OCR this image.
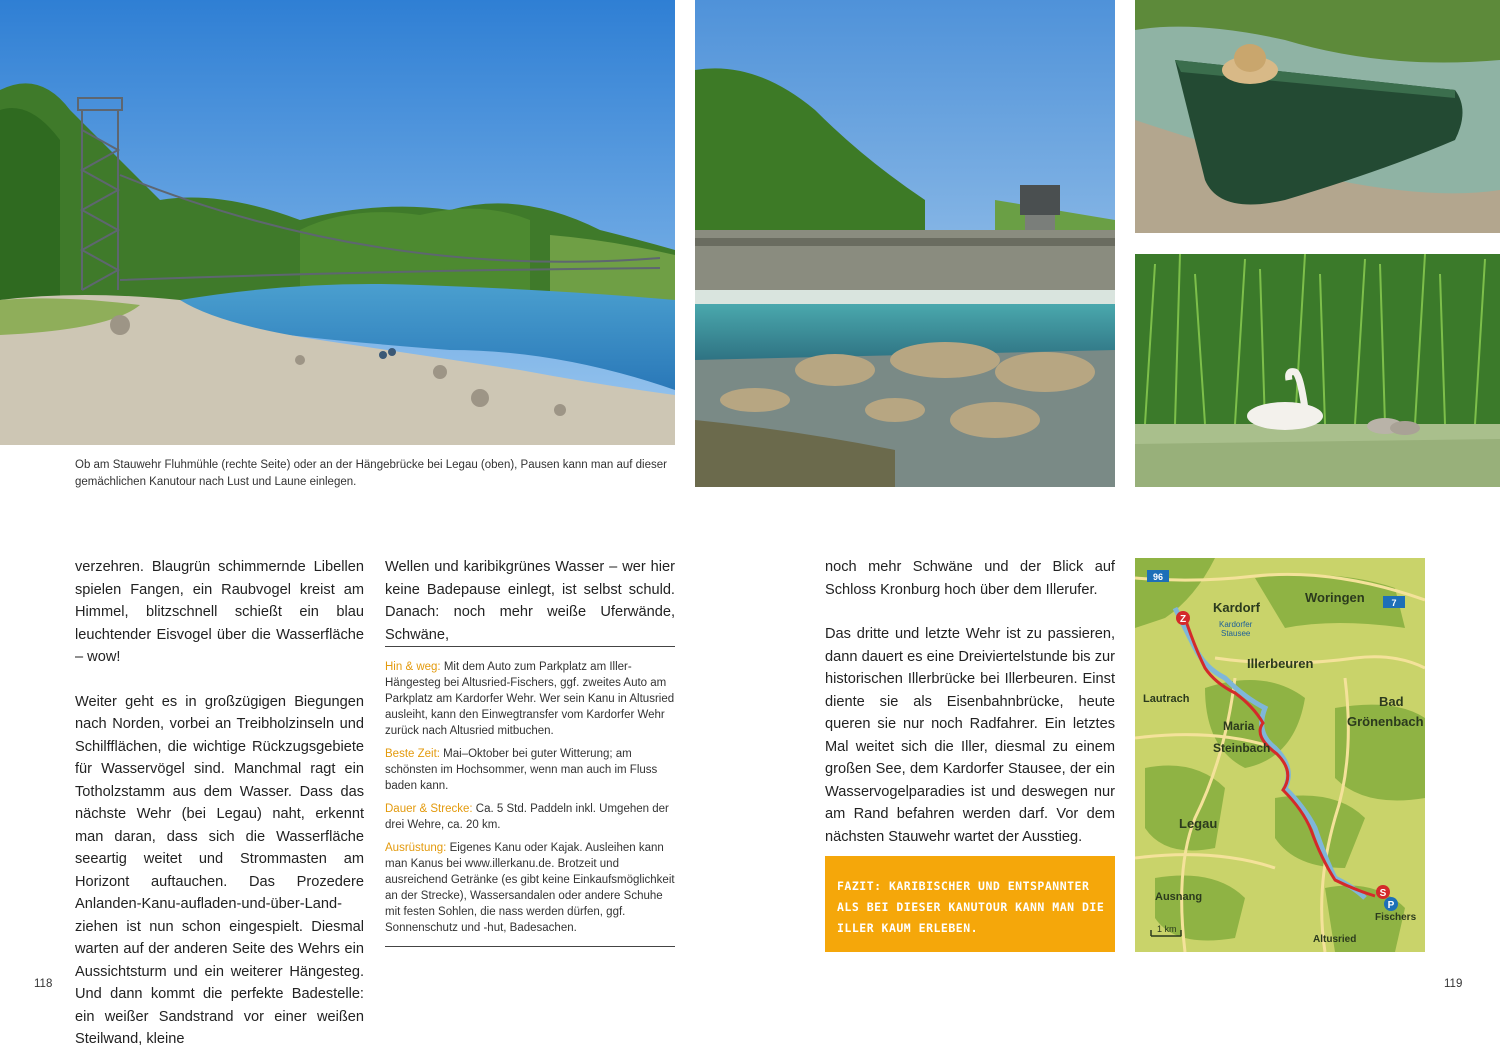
Ob am Stauwehr Fluhmühle (rechte Seite) oder an der Hängebrücke bei Legau (oben), Pausen kann man auf dieser gemächlichen Kanutour nach Lust und Laune einlegen.

verzehren. Blaugrün schimmernde Libellen spielen Fangen, ein Raubvogel kreist am Himmel, blitzschnell schießt ein blau leuchtender Eisvogel über die Wasserfläche – wow!

Weiter geht es in großzügigen Biegungen nach Norden, vorbei an Treibholzinseln und Schilfflächen, die wichtige Rückzugsgebiete für Wasservögel sind. Manchmal ragt ein Totholzstamm aus dem Wasser. Dass das nächste Wehr (bei Legau) naht, erkennt man daran, dass sich die Wasserfläche seeartig weitet und Strommasten am Horizont auftauchen. Das Prozedere Anlanden-Kanu-aufladen-und-über-Land-ziehen ist nun schon eingespielt. Diesmal warten auf der anderen Seite des Wehrs ein Aussichtsturm und ein weiterer Hängesteg. Und dann kommt die perfekte Badestelle: ein weißer Sandstrand vor einer weißen Steilwand, kleine

Wellen und karibikgrünes Wasser – wer hier keine Badepause einlegt, ist selbst schuld. Danach: noch mehr weiße Uferwände, Schwäne,

Hin & weg: Mit dem Auto zum Parkplatz am Iller-Hängesteg bei Altusried-Fischers, ggf. zweites Auto am Parkplatz am Kardorfer Wehr. Wer sein Kanu in Altusried ausleiht, kann den Einwegtransfer vom Kardorfer Wehr zurück nach Altusried mitbuchen.
Beste Zeit: Mai–Oktober bei guter Witterung; am schönsten im Hochsommer, wenn man auch im Fluss baden kann.
Dauer & Strecke: Ca. 5 Std. Paddeln inkl. Umgehen der drei Wehre, ca. 20 km.
Ausrüstung: Eigenes Kanu oder Kajak. Ausleihen kann man Kanus bei www.illerkanu.de. Brotzeit und ausreichend Getränke (es gibt keine Einkaufsmöglichkeit an der Strecke), Wassersandalen oder andere Schuhe mit festen Sohlen, die nass werden dürfen, ggf. Sonnenschutz und -hut, Badesachen.

noch mehr Schwäne und der Blick auf Schloss Kronburg hoch über dem Illerufer.

Das dritte und letzte Wehr ist zu passieren, dann dauert es eine Dreiviertelstunde bis zur historischen Illerbrücke bei Illerbeuren. Einst diente sie als Eisenbahnbrücke, heute queren sie nur noch Radfahrer. Ein letztes Mal weitet sich die Iller, diesmal zu einem großen See, dem Kardorfer Stausee, der ein Wasservogelparadies ist und deswegen nur am Rand befahren werden darf. Vor dem nächsten Stauwehr wartet der Ausstieg.

FAZIT: KARIBISCHER UND ENTSPANNTER ALS BEI DIESER KANUTOUR KANN MAN DIE ILLER KAUM ERLEBEN.
96
7
Z
S
P
Kardorf
Kardorfer
Stausee
Woringen
Illerbeuren
Lautrach
Maria
Steinbach
Bad
Grönenbach
Legau
Ausnang
Fischers
Altusried
1 km
118	119
